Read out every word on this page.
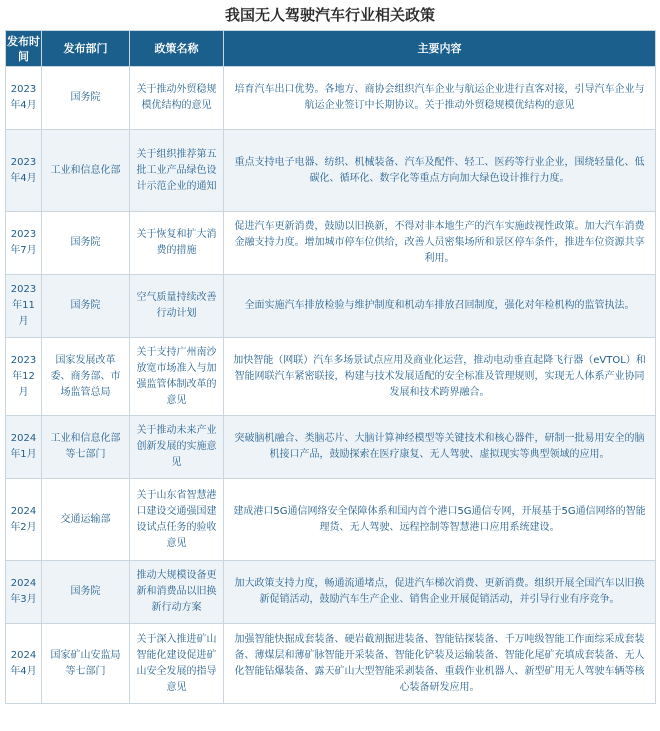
我国无人驾驶汽车行业相关政策
发布时间	发布部门	政策名称	主要内容
2023年4月	国务院	关于推动外贸稳规模优结构的意见	培育汽车出口优势。各地方、商协会组织汽车企业与航运企业进行直客对接，引导汽车企业与航运企业签订中长期协议。关于推动外贸稳规模优结构的意见
2023年4月	工业和信息化部	关于组织推荐第五批工业产品绿色设计示范企业的通知	重点支持电子电器、纺织、机械装备、汽车及配件、轻工、医药等行业企业，围绕轻量化、低碳化、循环化、数字化等重点方向加大绿色设计推行力度。
2023年7月	国务院	关于恢复和扩大消费的措施	促进汽车更新消费，鼓励以旧换新，不得对非本地生产的汽车实施歧视性政策。加大汽车消费金融支持力度。增加城市停车位供给，改善人员密集场所和景区停车条件，推进车位资源共享利用。
2023年11月	国务院	空气质量持续改善行动计划	全面实施汽车排放检验与维护制度和机动车排放召回制度，强化对年检机构的监管执法。
2023年12月	国家发展改革委、商务部、市场监管总局	关于支持广州南沙放宽市场准入与加强监管体制改革的意见	加快智能（网联）汽车多场景试点应用及商业化运营，推动电动垂直起降飞行器（eVTOL）和智能网联汽车紧密联接，构建与技术发展适配的安全标准及管理规则，实现无人体系产业协同发展和技术跨界融合。
2024年1月	工业和信息化部等七部门	关于推动未来产业创新发展的实施意见	突破脑机融合、类脑芯片、大脑计算神经模型等关键技术和核心器件，研制一批易用安全的脑机接口产品，鼓励探索在医疗康复、无人驾驶、虚拟现实等典型领域的应用。
2024年2月	交通运输部	关于山东省智慧港口建设交通强国建设试点任务的验收意见	建成港口5G通信网络安全保障体系和国内首个港口5G通信专网，开展基于5G通信网络的智能理货、无人驾驶、远程控制等智慧港口应用系统建设。
2024年3月	国务院	推动大规模设备更新和消费品以旧换新行动方案	加大政策支持力度，畅通流通堵点，促进汽车梯次消费、更新消费。组织开展全国汽车以旧换新促销活动，鼓励汽车生产企业、销售企业开展促销活动，并引导行业有序竞争。
2024年4月	国家矿山安监局等七部门	关于深入推进矿山智能化建设促进矿山安全发展的指导意见	加强智能快掘成套装备、硬岩截割掘进装备、智能钻探装备、千万吨级智能工作面综采成套装备、薄煤层和薄矿脉智能开采装备、智能化铲装及运输装备、智能化尾矿充填成套装备、无人化智能钻爆装备、露天矿山大型智能采剥装备、重载作业机器人、新型矿用无人驾驶车辆等核心装备研发应用。
